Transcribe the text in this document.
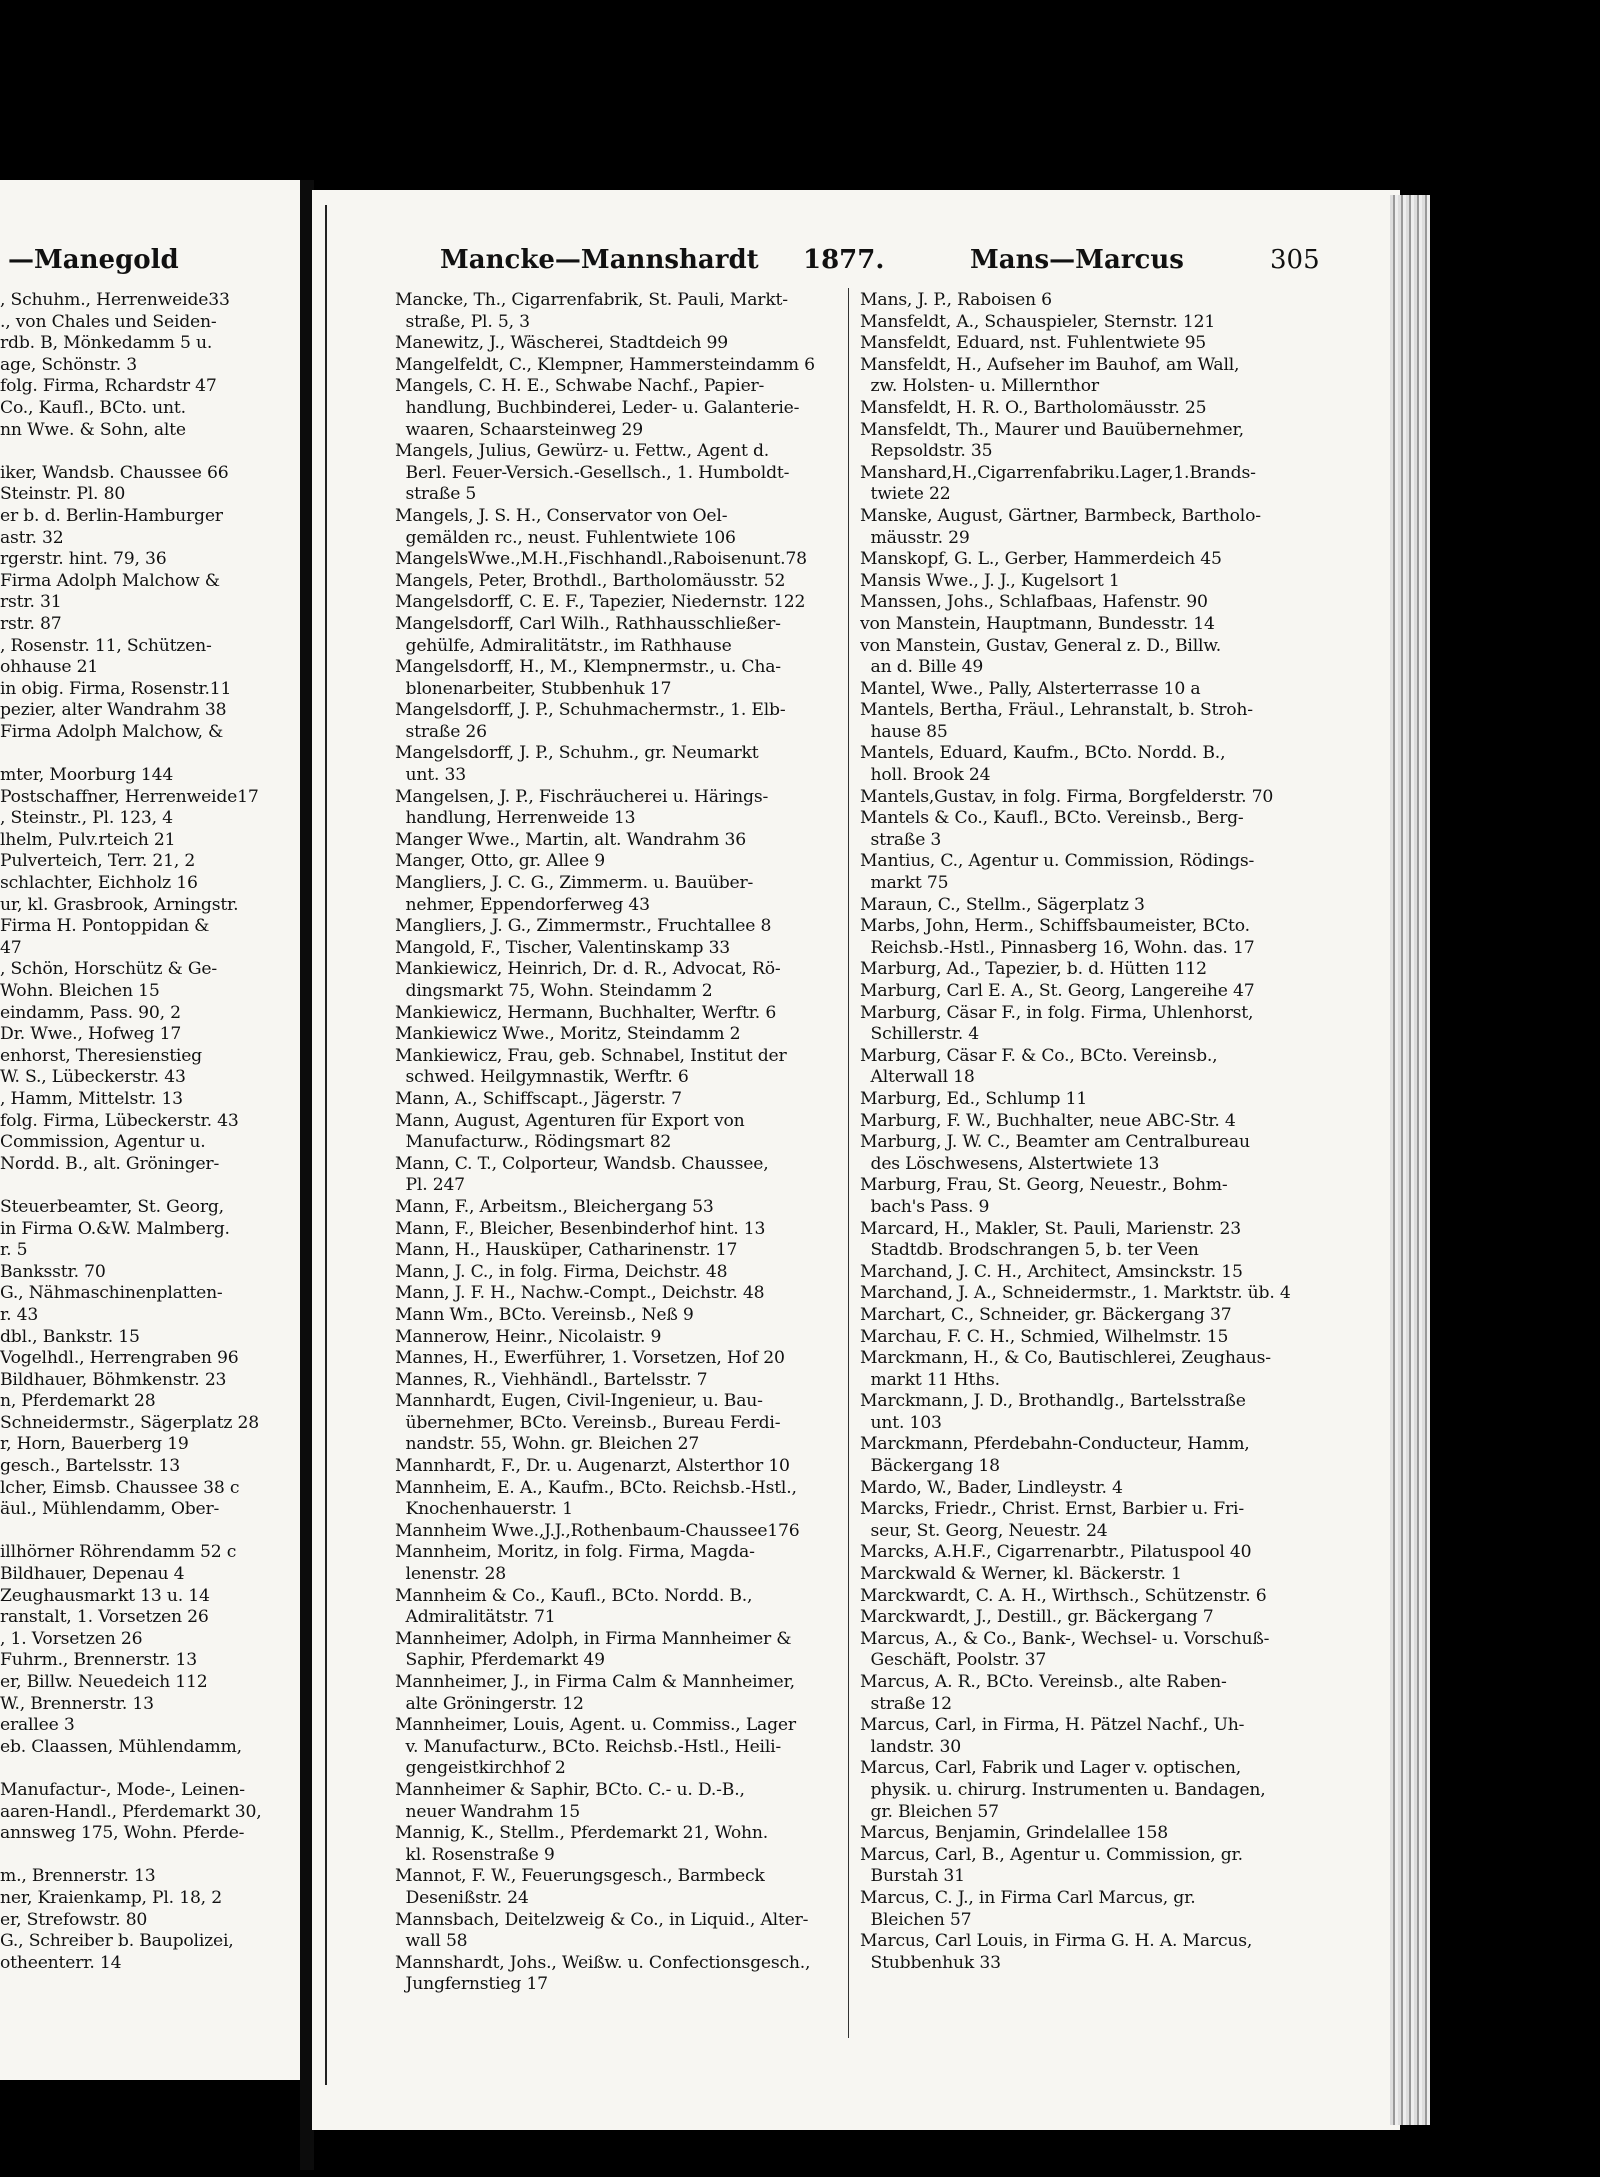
—Manegold	Mancke—Mannshardt 1877.	Mans—Marcus	305
, Schuhm., Herrenweide33
., von Chales und Seiden-
rdb. B, Mönkedamm 5 u.
age, Schönstr. 3
folg. Firma, Rchardstr 47
Co., Kaufl., BCto. unt.
nn Wwe. & Sohn, alte
iker, Wandsb. Chaussee 66
Steinstr. Pl. 80
er b. d. Berlin-Hamburger
astr. 32
rgerstr. hint. 79, 36
Firma Adolph Malchow &
rstr. 31
rstr. 87
, Rosenstr. 11, Schützen-
ohhause 21
in obig. Firma, Rosenstr.11
pezier, alter Wandrahm 38
Firma Adolph Malchow, &
mter, Moorburg 144
Postschaffner, Herrenweide17
, Steinstr., Pl. 123, 4
lhelm, Pulv.rteich 21
Pulverteich, Terr. 21, 2
schlachter, Eichholz 16
ur, kl. Grasbrook, Arningstr.
Firma H. Pontoppidan &
47
, Schön, Horschütz & Ge-
Wohn. Bleichen 15
eindamm, Pass. 90, 2
Dr. Wwe., Hofweg 17
enhorst, Theresienstieg
W. S., Lübeckerstr. 43
, Hamm, Mittelstr. 13
folg. Firma, Lübeckerstr. 43
Commission, Agentur u.
Nordd. B., alt. Gröninger-
Steuerbeamter, St. Georg,
in Firma O.&W. Malmberg.
r. 5
Banksstr. 70
G., Nähmaschinenplatten-
r. 43
dbl., Bankstr. 15
Vogelhdl., Herrengraben 96
Bildhauer, Böhmkenstr. 23
n, Pferdemarkt 28
Schneidermstr., Sägerplatz 28
r, Horn, Bauerberg 19
gesch., Bartelsstr. 13
lcher, Eimsb. Chaussee 38 c
äul., Mühlendamm, Ober-
illhörner Röhrendamm 52 c
Bildhauer, Depenau 4
Zeughausmarkt 13 u. 14
ranstalt, 1. Vorsetzen 26
, 1. Vorsetzen 26
Fuhrm., Brennerstr. 13
er, Billw. Neuedeich 112
W., Brennerstr. 13
erallee 3
eb. Claassen, Mühlendamm,
Manufactur-, Mode-, Leinen-
aaren-Handl., Pferdemarkt 30,
annsweg 175, Wohn. Pferde-
m., Brennerstr. 13
ner, Kraienkamp, Pl. 18, 2
er, Strefowstr. 80
G., Schreiber b. Baupolizei,
otheenterr. 14
Mancke, Th., Cigarrenfabrik, St. Pauli, Markt-
straße, Pl. 5, 3
Manewitz, J., Wäscherei, Stadtdeich 99
Mangelfeldt, C., Klempner, Hammersteindamm 6
Mangels, C. H. E., Schwabe Nachf., Papier-
handlung, Buchbinderei, Leder- u. Galanterie-
waaren, Schaarsteinweg 29
Mangels, Julius, Gewürz- u. Fettw., Agent d.
Berl. Feuer-Versich.-Gesellsch., 1. Humboldt-
straße 5
Mangels, J. S. H., Conservator von Oel-
gemälden rc., neust. Fuhlentwiete 106
MangelsWwe.,M.H.,Fischhandl.,Raboisenunt.78
Mangels, Peter, Brothdl., Bartholomäusstr. 52
Mangelsdorff, C. E. F., Tapezier, Niedernstr. 122
Mangelsdorff, Carl Wilh., Rathhausschließer-
gehülfe, Admiralitätstr., im Rathhause
Mangelsdorff, H., M., Klempnermstr., u. Cha-
blonenarbeiter, Stubbenhuk 17
Mangelsdorff, J. P., Schuhmachermstr., 1. Elb-
straße 26
Mangelsdorff, J. P., Schuhm., gr. Neumarkt
unt. 33
Mangelsen, J. P., Fischräucherei u. Härings-
handlung, Herrenweide 13
Manger Wwe., Martin, alt. Wandrahm 36
Manger, Otto, gr. Allee 9
Mangliers, J. C. G., Zimmerm. u. Bauüber-
nehmer, Eppendorferweg 43
Mangliers, J. G., Zimmermstr., Fruchtallee 8
Mangold, F., Tischer, Valentinskamp 33
Mankiewicz, Heinrich, Dr. d. R., Advocat, Rö-
dingsmarkt 75, Wohn. Steindamm 2
Mankiewicz, Hermann, Buchhalter, Werftr. 6
Mankiewicz Wwe., Moritz, Steindamm 2
Mankiewicz, Frau, geb. Schnabel, Institut der
schwed. Heilgymnastik, Werftr. 6
Mann, A., Schiffscapt., Jägerstr. 7
Mann, August, Agenturen für Export von
Manufacturw., Rödingsmart 82
Mann, C. T., Colporteur, Wandsb. Chaussee,
Pl. 247
Mann, F., Arbeitsm., Bleichergang 53
Mann, F., Bleicher, Besenbinderhof hint. 13
Mann, H., Hausküper, Catharinenstr. 17
Mann, J. C., in folg. Firma, Deichstr. 48
Mann, J. F. H., Nachw.-Compt., Deichstr. 48
Mann Wm., BCto. Vereinsb., Neß 9
Mannerow, Heinr., Nicolaistr. 9
Mannes, H., Ewerführer, 1. Vorsetzen, Hof 20
Mannes, R., Viehhändl., Bartelsstr. 7
Mannhardt, Eugen, Civil-Ingenieur, u. Bau-
übernehmer, BCto. Vereinsb., Bureau Ferdi-
nandstr. 55, Wohn. gr. Bleichen 27
Mannhardt, F., Dr. u. Augenarzt, Alsterthor 10
Mannheim, E. A., Kaufm., BCto. Reichsb.-Hstl.,
Knochenhauerstr. 1
Mannheim Wwe.,J.J.,Rothenbaum-Chaussee176
Mannheim, Moritz, in folg. Firma, Magda-
lenenstr. 28
Mannheim & Co., Kaufl., BCto. Nordd. B.,
Admiralitätstr. 71
Mannheimer, Adolph, in Firma Mannheimer &
Saphir, Pferdemarkt 49
Mannheimer, J., in Firma Calm & Mannheimer,
alte Gröningerstr. 12
Mannheimer, Louis, Agent. u. Commiss., Lager
v. Manufacturw., BCto. Reichsb.-Hstl., Heili-
gengeistkirchhof 2
Mannheimer & Saphir, BCto. C.- u. D.-B.,
neuer Wandrahm 15
Mannig, K., Stellm., Pferdemarkt 21, Wohn.
kl. Rosenstraße 9
Mannot, F. W., Feuerungsgesch., Barmbeck
Desenißstr. 24
Mannsbach, Deitelzweig & Co., in Liquid., Alter-
wall 58
Mannshardt, Johs., Weißw. u. Confectionsgesch.,
Jungfernstieg 17
Mans, J. P., Raboisen 6
Mansfeldt, A., Schauspieler, Sternstr. 121
Mansfeldt, Eduard, nst. Fuhlentwiete 95
Mansfeldt, H., Aufseher im Bauhof, am Wall,
zw. Holsten- u. Millernthor
Mansfeldt, H. R. O., Bartholomäusstr. 25
Mansfeldt, Th., Maurer und Bauübernehmer,
Repsoldstr. 35
Manshard,H.,Cigarrenfabriku.Lager,1.Brands-
twiete 22
Manske, August, Gärtner, Barmbeck, Bartholo-
mäusstr. 29
Manskopf, G. L., Gerber, Hammerdeich 45
Mansis Wwe., J. J., Kugelsort 1
Manssen, Johs., Schlafbaas, Hafenstr. 90
von Manstein, Hauptmann, Bundesstr. 14
von Manstein, Gustav, General z. D., Billw.
an d. Bille 49
Mantel, Wwe., Pally, Alsterterrasse 10 a
Mantels, Bertha, Fräul., Lehranstalt, b. Stroh-
hause 85
Mantels, Eduard, Kaufm., BCto. Nordd. B.,
holl. Brook 24
Mantels,Gustav, in folg. Firma, Borgfelderstr. 70
Mantels & Co., Kaufl., BCto. Vereinsb., Berg-
straße 3
Mantius, C., Agentur u. Commission, Rödings-
markt 75
Maraun, C., Stellm., Sägerplatz 3
Marbs, John, Herm., Schiffsbaumeister, BCto.
Reichsb.-Hstl., Pinnasberg 16, Wohn. das. 17
Marburg, Ad., Tapezier, b. d. Hütten 112
Marburg, Carl E. A., St. Georg, Langereihe 47
Marburg, Cäsar F., in folg. Firma, Uhlenhorst,
Schillerstr. 4
Marburg, Cäsar F. & Co., BCto. Vereinsb.,
Alterwall 18
Marburg, Ed., Schlump 11
Marburg, F. W., Buchhalter, neue ABC-Str. 4
Marburg, J. W. C., Beamter am Centralbureau
des Löschwesens, Alstertwiete 13
Marburg, Frau, St. Georg, Neuestr., Bohm-
bach's Pass. 9
Marcard, H., Makler, St. Pauli, Marienstr. 23
Stadtdb. Brodschrangen 5, b. ter Veen
Marchand, J. C. H., Architect, Amsinckstr. 15
Marchand, J. A., Schneidermstr., 1. Marktstr. üb. 4
Marchart, C., Schneider, gr. Bäckergang 37
Marchau, F. C. H., Schmied, Wilhelmstr. 15
Marckmann, H., & Co, Bautischlerei, Zeughaus-
markt 11 Hths.
Marckmann, J. D., Brothandlg., Bartelsstraße
unt. 103
Marckmann, Pferdebahn-Conducteur, Hamm,
Bäckergang 18
Mardo, W., Bader, Lindleystr. 4
Marcks, Friedr., Christ. Ernst, Barbier u. Fri-
seur, St. Georg, Neuestr. 24
Marcks, A.H.F., Cigarrenarbtr., Pilatuspool 40
Marckwald & Werner, kl. Bäckerstr. 1
Marckwardt, C. A. H., Wirthsch., Schützenstr. 6
Marckwardt, J., Destill., gr. Bäckergang 7
Marcus, A., & Co., Bank-, Wechsel- u. Vorschuß-
Geschäft, Poolstr. 37
Marcus, A. R., BCto. Vereinsb., alte Raben-
straße 12
Marcus, Carl, in Firma, H. Pätzel Nachf., Uh-
landstr. 30
Marcus, Carl, Fabrik und Lager v. optischen,
physik. u. chirurg. Instrumenten u. Bandagen,
gr. Bleichen 57
Marcus, Benjamin, Grindelallee 158
Marcus, Carl, B., Agentur u. Commission, gr.
Burstah 31
Marcus, C. J., in Firma Carl Marcus, gr.
Bleichen 57
Marcus, Carl Louis, in Firma G. H. A. Marcus,
Stubbenhuk 33
